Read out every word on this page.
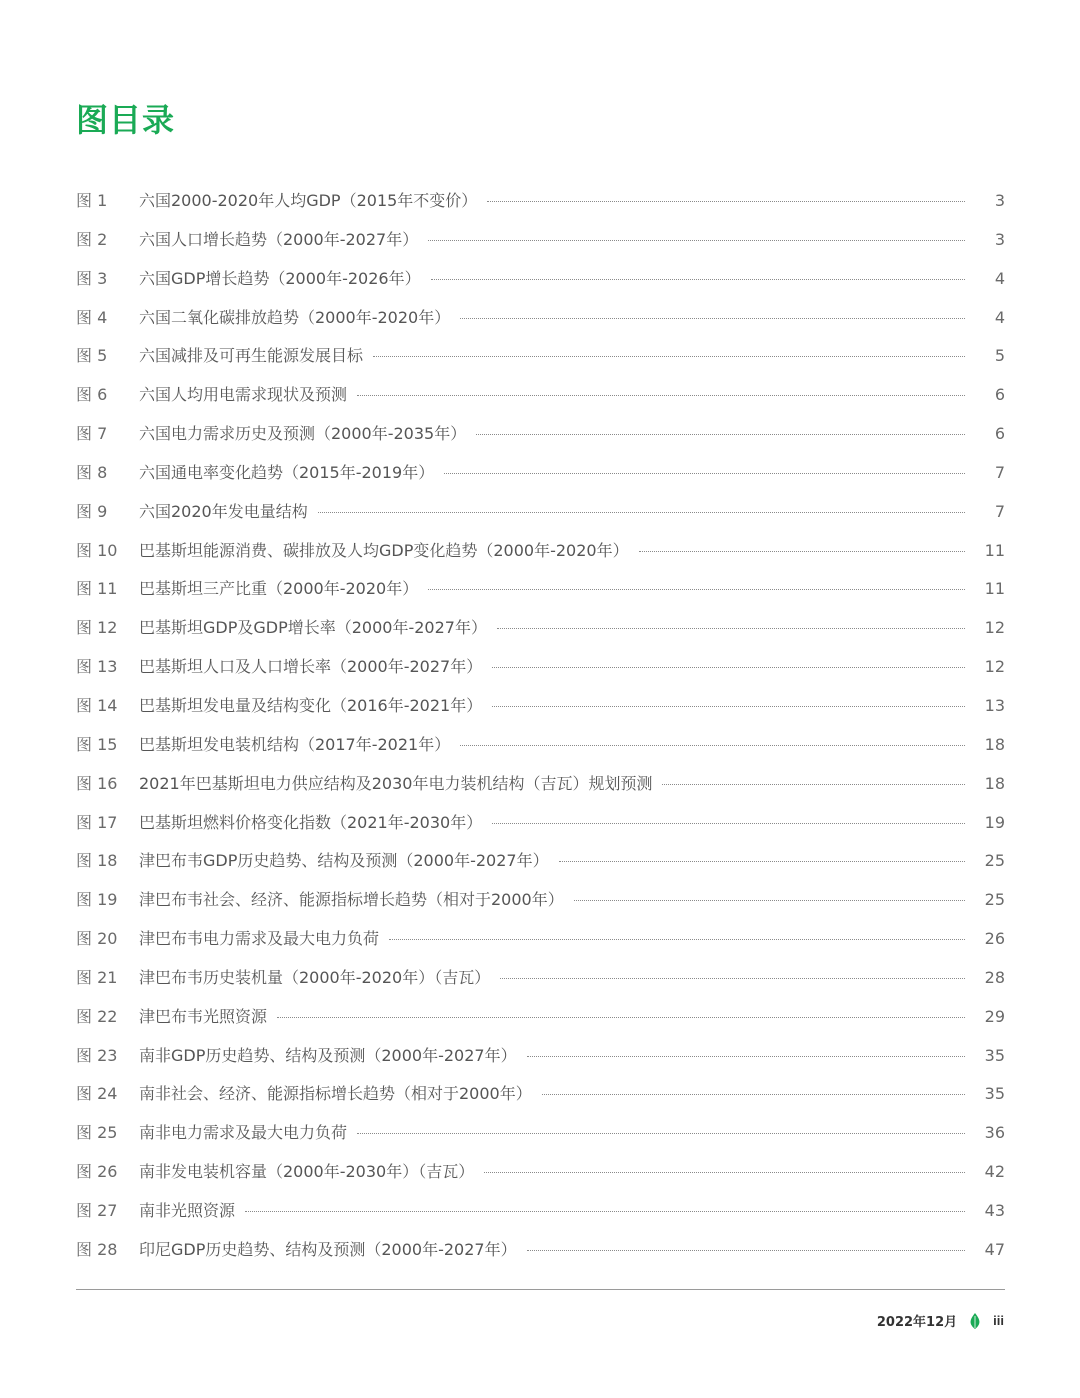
图目录
图 1	六国2000-2020年人均GDP（2015年不变价）	3
图 2	六国人口增长趋势（2000年-2027年）	3
图 3	六国GDP增长趋势（2000年-2026年）	4
图 4	六国二氧化碳排放趋势（2000年-2020年）	4
图 5	六国减排及可再生能源发展目标	5
图 6	六国人均用电需求现状及预测	6
图 7	六国电力需求历史及预测（2000年-2035年）	6
图 8	六国通电率变化趋势（2015年-2019年）	7
图 9	六国2020年发电量结构	7
图 10	巴基斯坦能源消费、碳排放及人均GDP变化趋势（2000年-2020年）	11
图 11	巴基斯坦三产比重（2000年-2020年）	11
图 12	巴基斯坦GDP及GDP增长率（2000年-2027年）	12
图 13	巴基斯坦人口及人口增长率（2000年-2027年）	12
图 14	巴基斯坦发电量及结构变化（2016年-2021年）	13
图 15	巴基斯坦发电装机结构（2017年-2021年）	18
图 16	2021年巴基斯坦电力供应结构及2030年电力装机结构（吉瓦）规划预测	18
图 17	巴基斯坦燃料价格变化指数（2021年-2030年）	19
图 18	津巴布韦GDP历史趋势、结构及预测（2000年-2027年）	25
图 19	津巴布韦社会、经济、能源指标增长趋势（相对于2000年）	25
图 20	津巴布韦电力需求及最大电力负荷	26
图 21	津巴布韦历史装机量（2000年-2020年）（吉瓦）	28
图 22	津巴布韦光照资源	29
图 23	南非GDP历史趋势、结构及预测（2000年-2027年）	35
图 24	南非社会、经济、能源指标增长趋势（相对于2000年）	35
图 25	南非电力需求及最大电力负荷	36
图 26	南非发电装机容量（2000年-2030年）（吉瓦）	42
图 27	南非光照资源	43
图 28	印尼GDP历史趋势、结构及预测（2000年-2027年）	47
2022年12月	iii
